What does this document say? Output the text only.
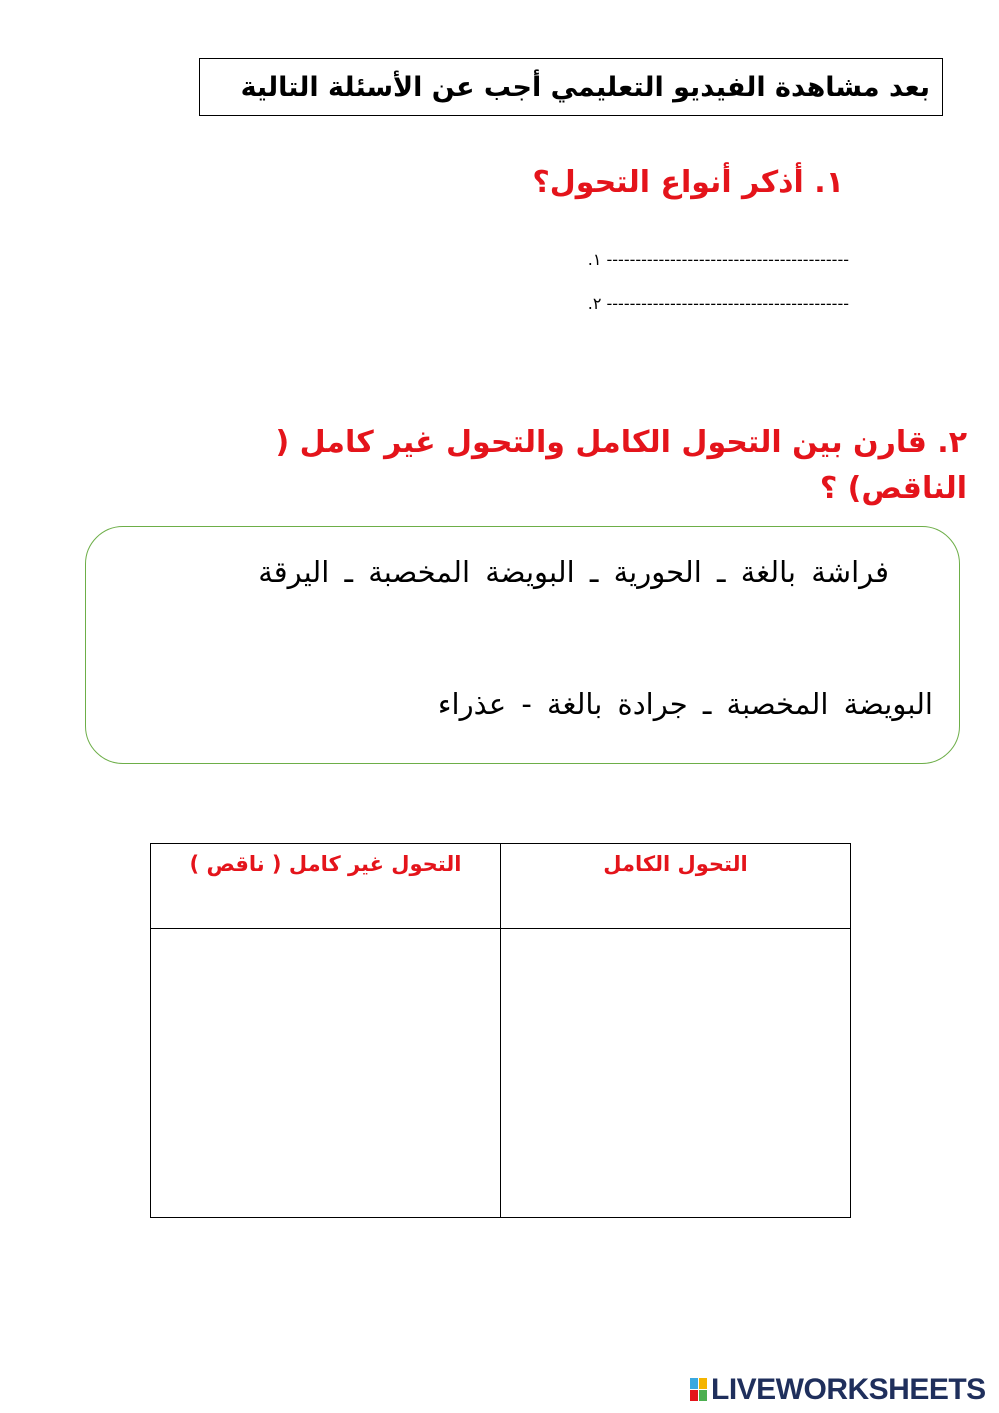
بعد مشاهدة الفيديو التعليمي أجب عن الأسئلة التالية
١. أذكر أنواع التحول؟
.١ ------------------------------------------
.٢ ------------------------------------------
٢. قارن بين التحول الكامل والتحول غير كامل ( الناقص) ؟
فراشة بالغة ـ الحورية ـ البويضة المخصبة ـ اليرقة
البويضة المخصبة ـ جرادة بالغة - عذراء
التحول الكامل	التحول غير كامل ( ناقص )

LIVEWORKSHEETS
